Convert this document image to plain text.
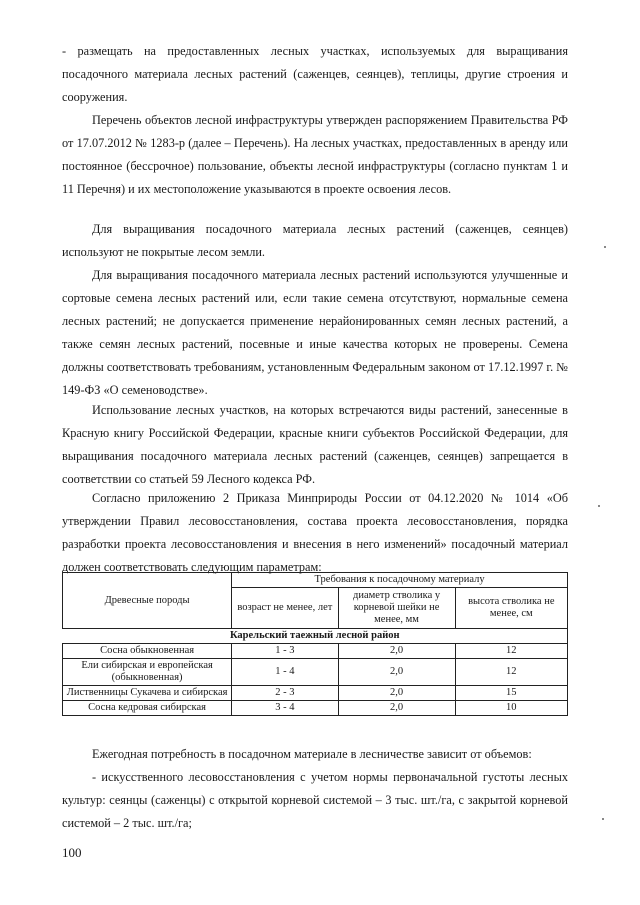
- размещать на предоставленных лесных участках, используемых для выращивания посадочного материала лесных растений (саженцев, сеянцев), теплицы, другие строения и сооружения.

Перечень объектов лесной инфраструктуры утвержден распоряжением Правительства РФ от 17.07.2012 № 1283-р (далее – Перечень). На лесных участках, предоставленных в аренду или постоянное (бессрочное) пользование, объекты лесной инфраструктуры (согласно пунктам 1 и 11 Перечня) и их местоположение указываются в проекте освоения лесов.

Для выращивания посадочного материала лесных растений (саженцев, сеянцев) используют не покрытые лесом земли.

Для выращивания посадочного материала лесных растений используются улучшенные и сортовые семена лесных растений или, если такие семена отсутствуют, нормальные семена лесных растений; не допускается применение нерайонированных семян лесных растений, а также семян лесных растений, посевные и иные качества которых не проверены. Семена должны соответствовать требованиям, установленным Федеральным законом от 17.12.1997 г. № 149-ФЗ «О семеноводстве».

Использование лесных участков, на которых встречаются виды растений, занесенные в Красную книгу Российской Федерации, красные книги субъектов Российской Федерации, для выращивания посадочного материала лесных растений (саженцев, сеянцев) запрещается в соответствии со статьей 59 Лесного кодекса РФ.

Согласно приложению 2 Приказа Минприроды России от 04.12.2020 № 1014 «Об утверждении Правил лесовосстановления, состава проекта лесовосстановления, порядка разработки проекта лесовосстановления и внесения в него изменений» посадочный материал должен соответствовать следующим параметрам:

Древесные породы	Требования к посадочному материалу		
	возраст не менее, лет	диаметр стволика у корневой шейки не менее, мм	высота стволика не менее, см
Карельский таежный лесной район			
Сосна обыкновенная	1 - 3	2,0	12
Ели сибирская и европейская (обыкновенная)	1 - 4	2,0	12
Лиственницы Сукачева и сибирская	2 - 3	2,0	15
Сосна кедровая сибирская	3 - 4	2,0	10

Ежегодная потребность в посадочном материале в лесничестве зависит от объемов:

- искусственного лесовосстановления с учетом нормы первоначальной густоты лесных культур: сеянцы (саженцы) с открытой корневой системой – 3 тыс. шт./га, с закрытой корневой системой – 2 тыс. шт./га;

100
